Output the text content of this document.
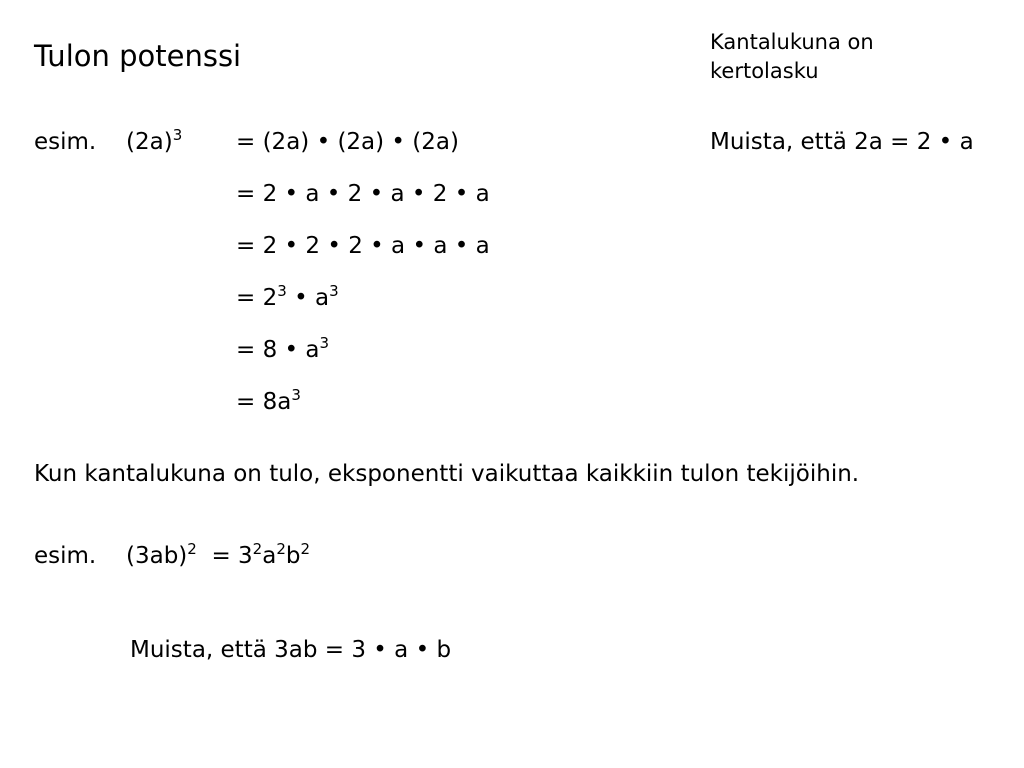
Tulon potenssi	Kantalukuna on
kertolasku
esim. $(2a)^3 = (2a)$ • (2a) • (2a)
= 2 • a • 2 • a • 2 • a
= 2 • 2 • 2 • a • a • a
= $2^3$ • $a^3$
= 8 • $a^3$
= $8a^3$
Muista, että 2a = 2 • a
Kun kantalukuna on tulo, eksponentti vaikuttaa kaikkiin tulon tekijöihin.
esim. $(3ab)^2 = 3^2a^2b^2$
Muista, että 3ab = 3 • a • b
